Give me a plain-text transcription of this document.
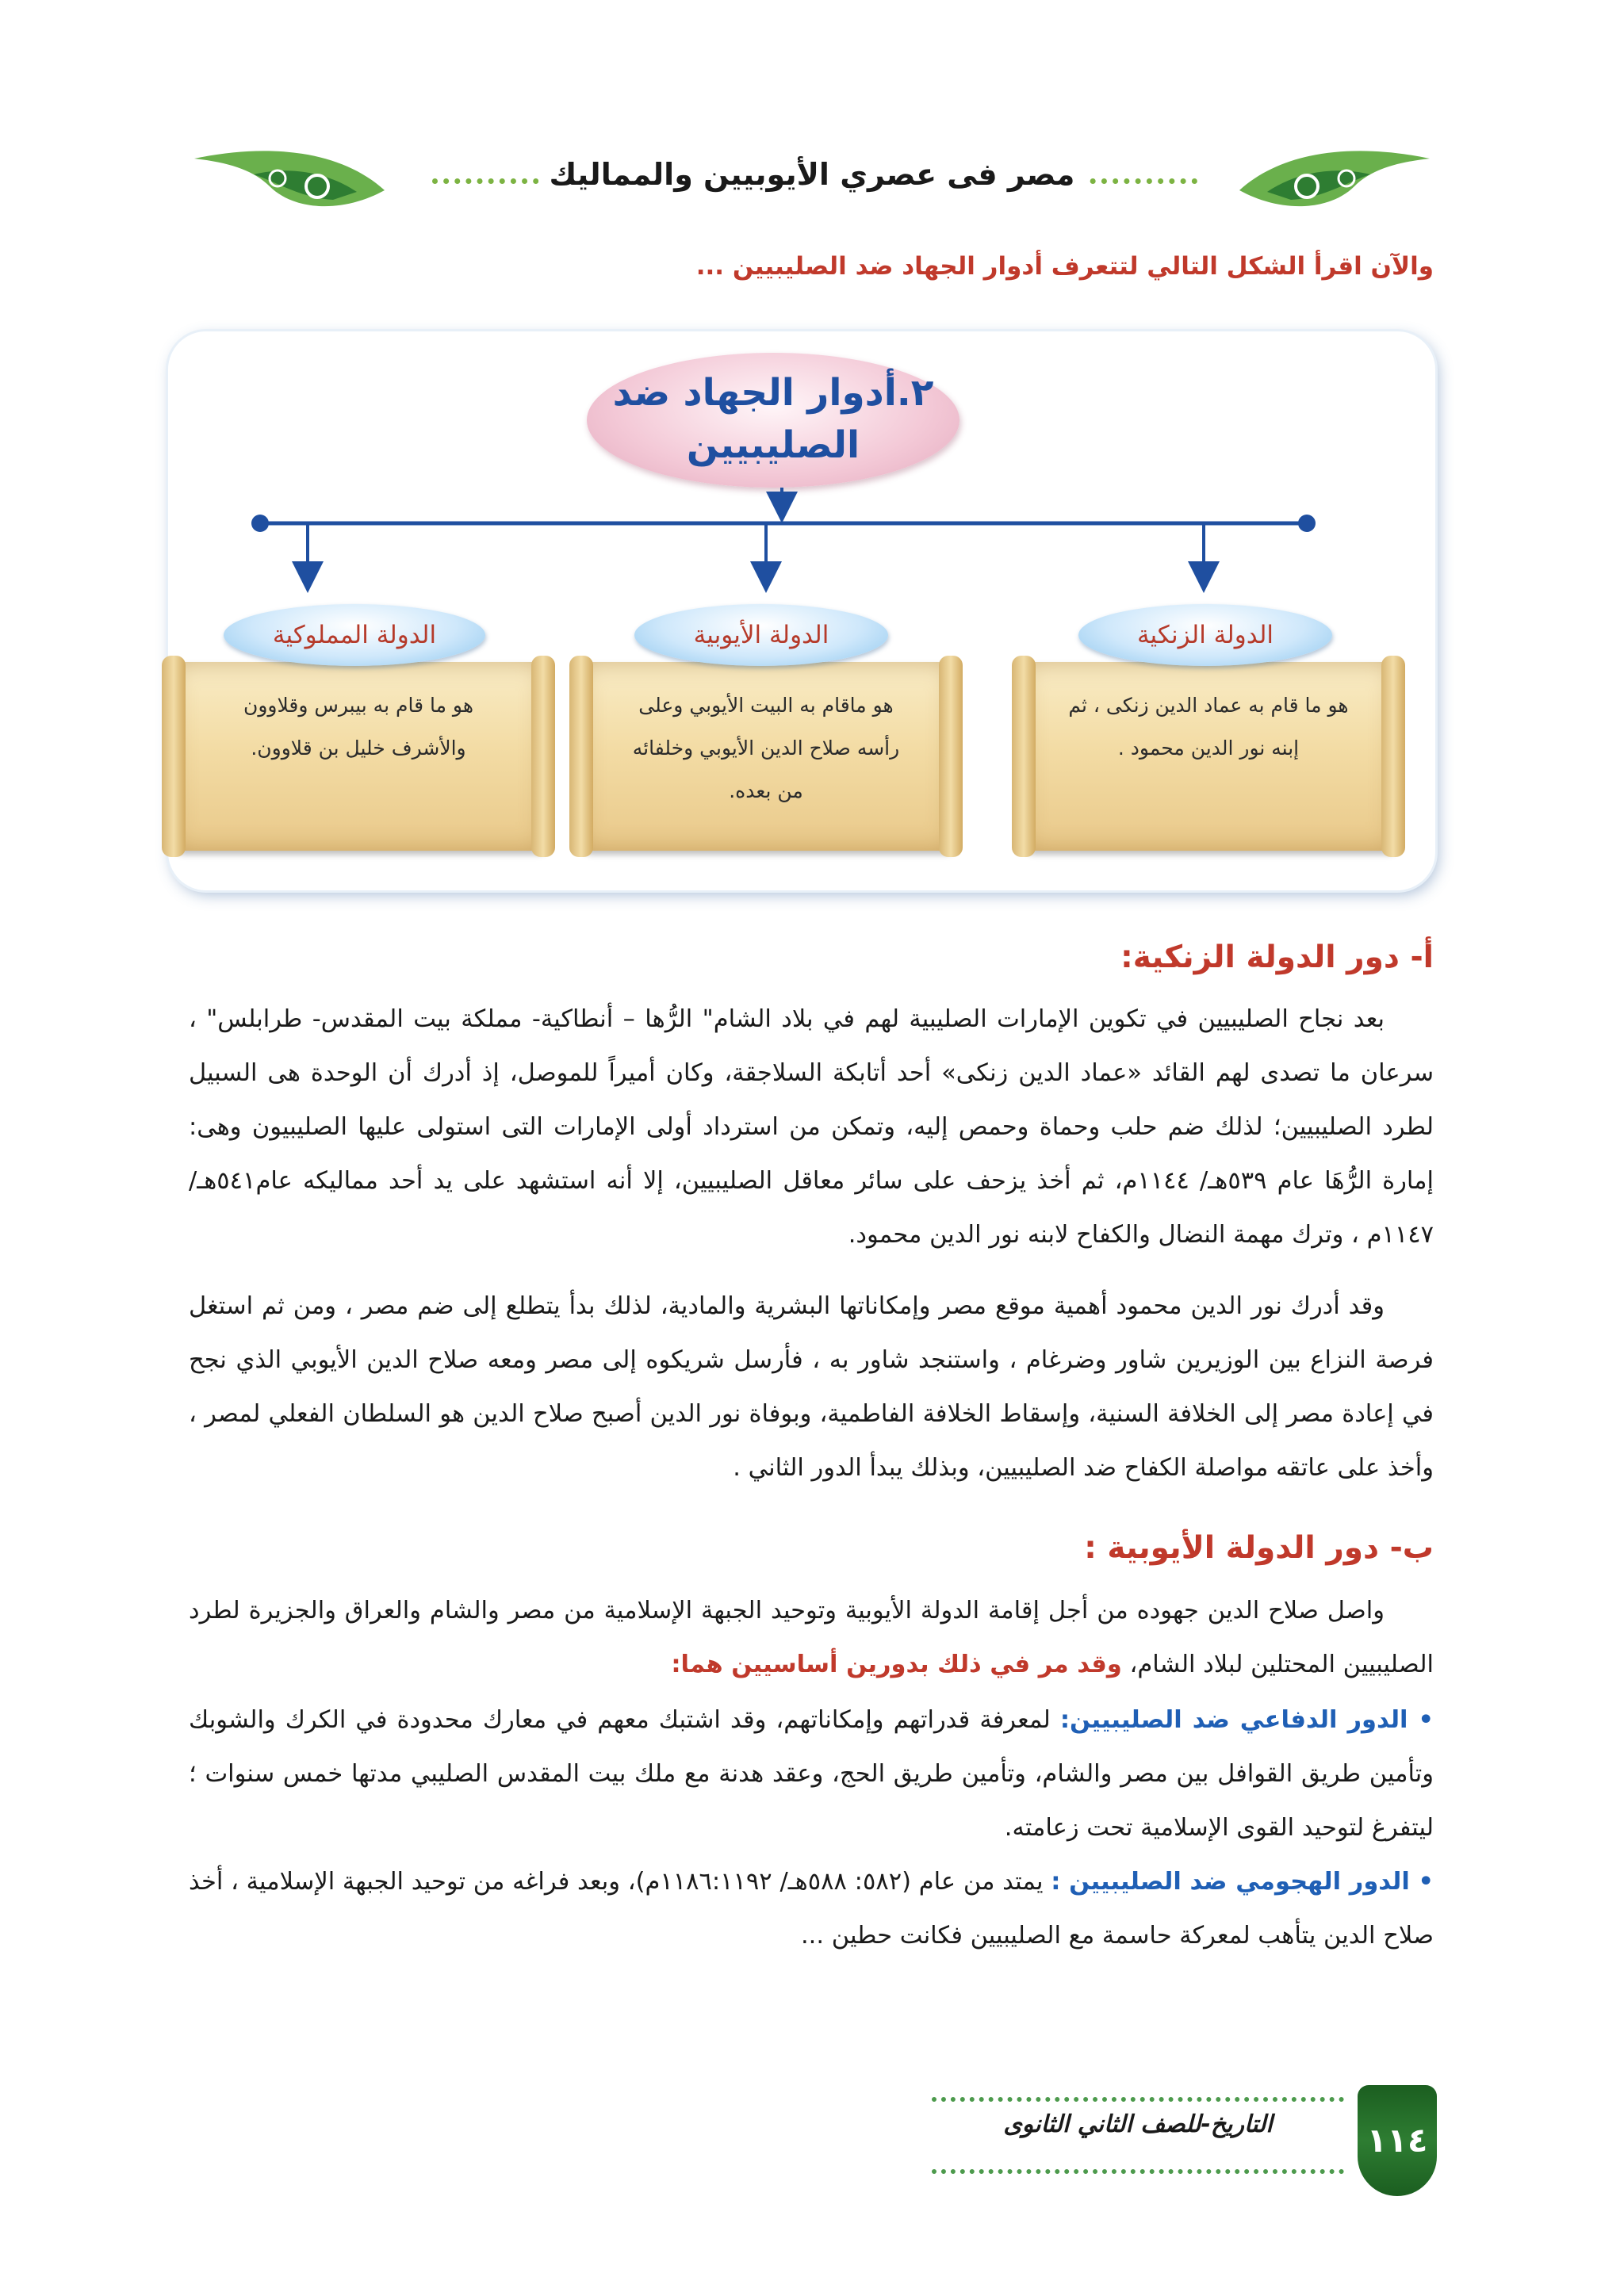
مصر فى عصري الأيوبيين والمماليك
والآن اقرأ الشكل التالي لتتعرف أدوار الجهاد ضد الصليبيين ...
٢.أدوار الجهاد ضد
الصليبيين
هو ما قام به عماد الدين زنكى ، ثم
إبنه نور الدين محمود .
الدولة الزنكية
هو ماقام به البيت الأيوبي وعلى
رأسه صلاح الدين الأيوبي وخلفائه
من بعده.
الدولة الأيوبية
هو ما قام به بيبرس وقلاوون
والأشرف خليل بن قلاوون.
الدولة المملوكية
أ- دور الدولة الزنكية:
بعد نجاح الصليبيين في تكوين الإمارات الصليبية لهم في بلاد الشام" الرُّها – أنطاكية- مملكة بيت المقدس- طرابلس" ، سرعان ما تصدى لهم القائد «عماد الدين زنكى» أحد أتابكة السلاجقة، وكان أميراً للموصل، إذ أدرك أن الوحدة هى السبيل لطرد الصليبيين؛ لذلك ضم حلب وحماة وحمص إليه، وتمكن من استرداد أولى الإمارات التى استولى عليها الصليبيون وهى: إمارة الرُّهَا عام ٥٣٩هـ/ ١١٤٤م، ثم أخذ يزحف على سائر معاقل الصليبيين، إلا أنه استشهد على يد أحد مماليكه عام٥٤١هـ/ ١١٤٧م ، وترك مهمة النضال والكفاح لابنه نور الدين محمود.
وقد أدرك نور الدين محمود أهمية موقع مصر وإمكاناتها البشرية والمادية، لذلك بدأ يتطلع إلى ضم مصر ، ومن ثم استغل فرصة النزاع بين الوزيرين شاور وضرغام ، واستنجد شاور به ، فأرسل شريكوه إلى مصر ومعه صلاح الدين الأيوبي الذي نجح في إعادة مصر إلى الخلافة السنية، وإسقاط الخلافة الفاطمية، وبوفاة نور الدين أصبح صلاح الدين هو السلطان الفعلي لمصر ، وأخذ على عاتقه مواصلة الكفاح ضد الصليبيين، وبذلك يبدأ الدور الثاني .
ب- دور الدولة الأيوبية :
واصل صلاح الدين جهوده من أجل إقامة الدولة الأيوبية وتوحيد الجبهة الإسلامية من مصر والشام والعراق والجزيرة لطرد الصليبيين المحتلين لبلاد الشام، وقد مر في ذلك بدورين أساسيين هما:
• الدور الدفاعي ضد الصليبيين: لمعرفة قدراتهم وإمكاناتهم، وقد اشتبك معهم في معارك محدودة في الكرك والشوبك وتأمين طريق القوافل بين مصر والشام، وتأمين طريق الحج، وعقد هدنة مع ملك بيت المقدس الصليبي مدتها خمس سنوات ؛ ليتفرغ لتوحيد القوى الإسلامية تحت زعامته.
• الدور الهجومي ضد الصليبيين : يمتد من عام (٥٨٢: ٥٨٨هـ/ ١١٨٦:١١٩٢م)، وبعد فراغه من توحيد الجبهة الإسلامية ، أخذ صلاح الدين يتأهب لمعركة حاسمة مع الصليبيين فكانت حطين ...
التاريخ-للصف الثاني الثانوى	١١٤
